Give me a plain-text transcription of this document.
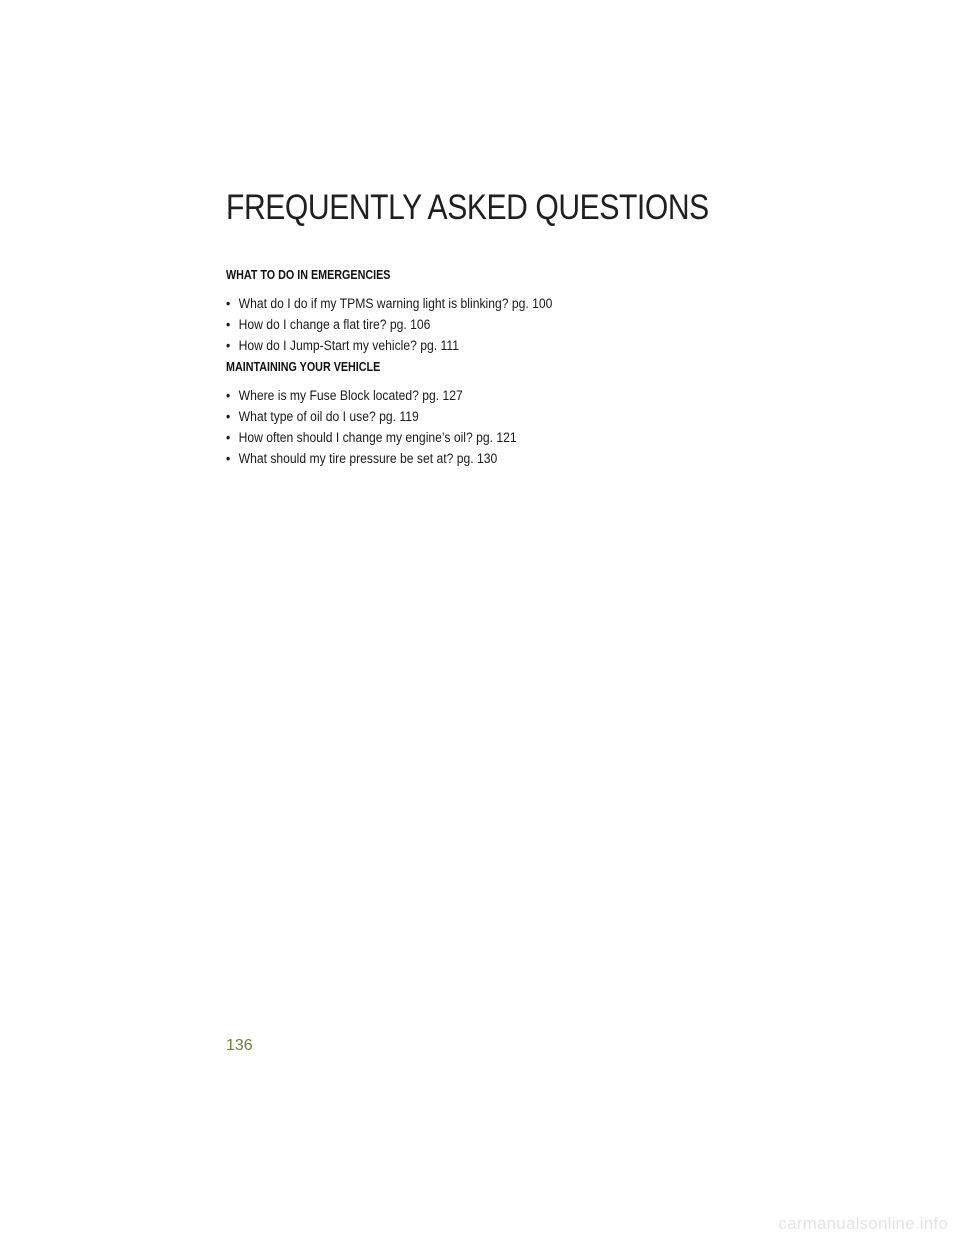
FREQUENTLY ASKED QUESTIONS
WHAT TO DO IN EMERGENCIES
• What do I do if my TPMS warning light is blinking? pg. 100
• How do I change a flat tire? pg. 106
• How do I Jump-Start my vehicle? pg. 111
MAINTAINING YOUR VEHICLE
• Where is my Fuse Block located? pg. 127
• What type of oil do I use? pg. 119
• How often should I change my engine’s oil? pg. 121
• What should my tire pressure be set at? pg. 130
136
carmanualsonline.info
